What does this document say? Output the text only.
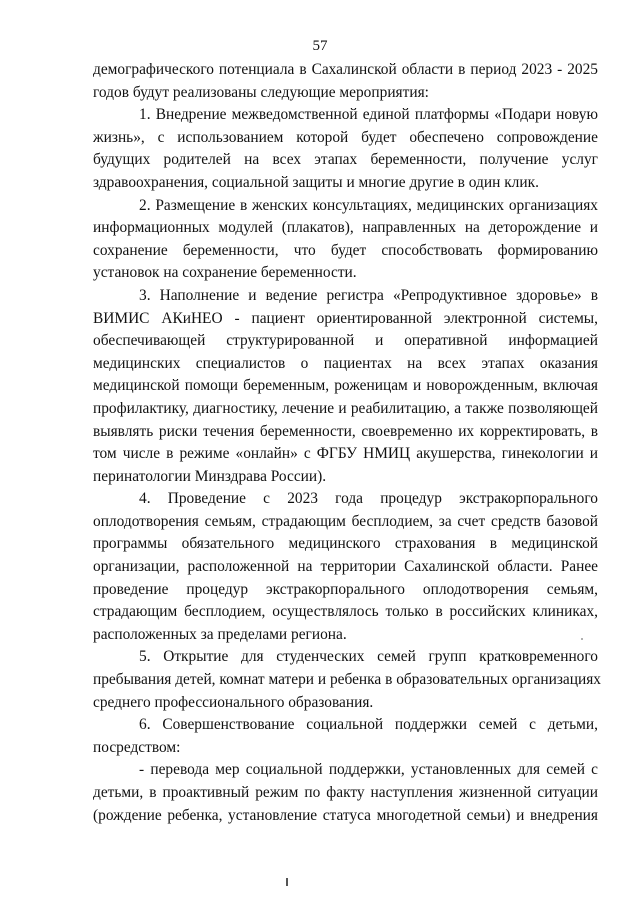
57
демографического потенциала в Сахалинской области в период 2023 - 2025
годов будут реализованы следующие мероприятия:
1. Внедрение межведомственной единой платформы «Подари новую
жизнь», с использованием которой будет обеспечено сопровождение
будущих родителей на всех этапах беременности, получение услуг
здравоохранения, социальной защиты и многие другие в один клик.
2. Размещение в женских консультациях, медицинских организациях
информационных модулей (плакатов), направленных на деторождение и
сохранение беременности, что будет способствовать формированию
установок на сохранение беременности.
3. Наполнение и ведение регистра «Репродуктивное здоровье» в
ВИМИС АКиНЕО - пациент ориентированной электронной системы,
обеспечивающей структурированной и оперативной информацией
медицинских специалистов о пациентах на всех этапах оказания
медицинской помощи беременным, роженицам и новорожденным, включая
профилактику, диагностику, лечение и реабилитацию, а также позволяющей
выявлять риски течения беременности, своевременно их корректировать, в
том числе в режиме «онлайн» с ФГБУ НМИЦ акушерства, гинекологии и
перинатологии Минздрава России).
4. Проведение с 2023 года процедур экстракорпорального
оплодотворения семьям, страдающим бесплодием, за счет средств базовой
программы обязательного медицинского страхования в медицинской
организации, расположенной на территории Сахалинской области. Ранее
проведение процедур экстракорпорального оплодотворения семьям,
страдающим бесплодием, осуществлялось только в российских клиниках,
расположенных за пределами региона.
5. Открытие для студенческих семей групп кратковременного
пребывания детей, комнат матери и ребенка в образовательных организациях
среднего профессионального образования.
6. Совершенствование социальной поддержки семей с детьми,
посредством:
- перевода мер социальной поддержки, установленных для семей с
детьми, в проактивный режим по факту наступления жизненной ситуации
(рождение ребенка, установление статуса многодетной семьи) и внедрения
